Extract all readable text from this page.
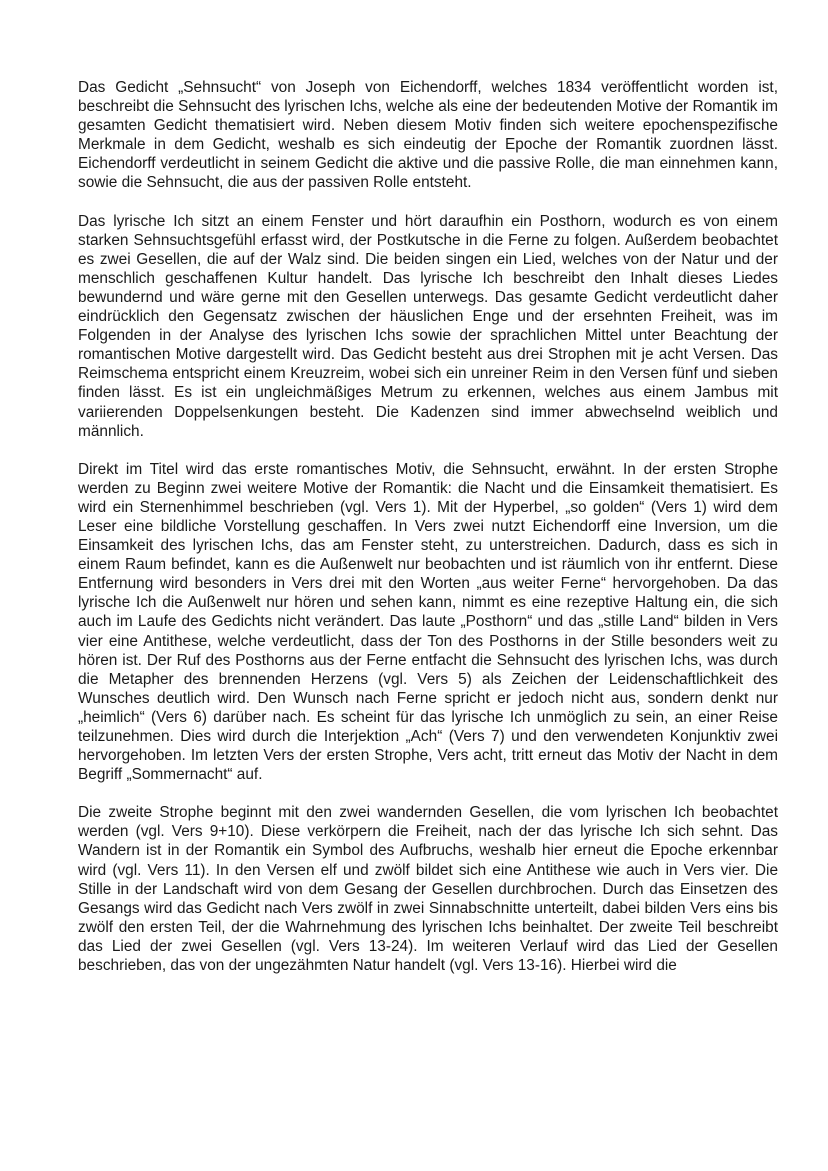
Das Gedicht „Sehnsucht“ von Joseph von Eichendorff, welches 1834 veröffentlicht worden ist, beschreibt die Sehnsucht des lyrischen Ichs, welche als eine der bedeutenden Motive der Romantik im gesamten Gedicht thematisiert wird. Neben diesem Motiv finden sich weitere epochenspezifische Merkmale in dem Gedicht, weshalb es sich eindeutig der Epoche der Romantik zuordnen lässt. Eichendorff verdeutlicht in seinem Gedicht die aktive und die passive Rolle, die man einnehmen kann, sowie die Sehnsucht, die aus der passiven Rolle entsteht.

Das lyrische Ich sitzt an einem Fenster und hört daraufhin ein Posthorn, wodurch es von einem starken Sehnsuchtsgefühl erfasst wird, der Postkutsche in die Ferne zu folgen. Außerdem beobachtet es zwei Gesellen, die auf der Walz sind. Die beiden singen ein Lied, welches von der Natur und der menschlich geschaffenen Kultur handelt. Das lyrische Ich beschreibt den Inhalt dieses Liedes bewundernd und wäre gerne mit den Gesellen unterwegs. Das gesamte Gedicht verdeutlicht daher eindrücklich den Gegensatz zwischen der häuslichen Enge und der ersehnten Freiheit, was im Folgenden in der Analyse des lyrischen Ichs sowie der sprachlichen Mittel unter Beachtung der romantischen Motive dargestellt wird. Das Gedicht besteht aus drei Strophen mit je acht Versen. Das Reimschema entspricht einem Kreuzreim, wobei sich ein unreiner Reim in den Versen fünf und sieben finden lässt. Es ist ein ungleichmäßiges Metrum zu erkennen, welches aus einem Jambus mit variierenden Doppelsenkungen besteht. Die Kadenzen sind immer abwechselnd weiblich und männlich.

Direkt im Titel wird das erste romantisches Motiv, die Sehnsucht, erwähnt. In der ersten Strophe werden zu Beginn zwei weitere Motive der Romantik: die Nacht und die Einsamkeit thematisiert. Es wird ein Sternenhimmel beschrieben (vgl. Vers 1). Mit der Hyperbel, „so golden“ (Vers 1) wird dem Leser eine bildliche Vorstellung geschaffen. In Vers zwei nutzt Eichendorff eine Inversion, um die Einsamkeit des lyrischen Ichs, das am Fenster steht, zu unterstreichen. Dadurch, dass es sich in einem Raum befindet, kann es die Außenwelt nur beobachten und ist räumlich von ihr entfernt. Diese Entfernung wird besonders in Vers drei mit den Worten „aus weiter Ferne“ hervorgehoben. Da das lyrische Ich die Außenwelt nur hören und sehen kann, nimmt es eine rezeptive Haltung ein, die sich auch im Laufe des Gedichts nicht verändert. Das laute „Posthorn“ und das „stille Land“ bilden in Vers vier eine Antithese, welche verdeutlicht, dass der Ton des Posthorns in der Stille besonders weit zu hören ist. Der Ruf des Posthorns aus der Ferne entfacht die Sehnsucht des lyrischen Ichs, was durch die Metapher des brennenden Herzens (vgl. Vers 5) als Zeichen der Leidenschaftlichkeit des Wunsches deutlich wird. Den Wunsch nach Ferne spricht er jedoch nicht aus, sondern denkt nur „heimlich“ (Vers 6) darüber nach. Es scheint für das lyrische Ich unmöglich zu sein, an einer Reise teilzunehmen. Dies wird durch die Interjektion „Ach“ (Vers 7) und den verwendeten Konjunktiv zwei hervorgehoben. Im letzten Vers der ersten Strophe, Vers acht, tritt erneut das Motiv der Nacht in dem Begriff „Sommernacht“ auf.

Die zweite Strophe beginnt mit den zwei wandernden Gesellen, die vom lyrischen Ich beobachtet werden (vgl. Vers 9+10). Diese verkörpern die Freiheit, nach der das lyrische Ich sich sehnt. Das Wandern ist in der Romantik ein Symbol des Aufbruchs, weshalb hier erneut die Epoche erkennbar wird (vgl. Vers 11). In den Versen elf und zwölf bildet sich eine Antithese wie auch in Vers vier. Die Stille in der Landschaft wird von dem Gesang der Gesellen durchbrochen. Durch das Einsetzen des Gesangs wird das Gedicht nach Vers zwölf in zwei Sinnabschnitte unterteilt, dabei bilden Vers eins bis zwölf den ersten Teil, der die Wahrnehmung des lyrischen Ichs beinhaltet. Der zweite Teil beschreibt das Lied der zwei Gesellen (vgl. Vers 13-24). Im weiteren Verlauf wird das Lied der Gesellen beschrieben, das von der ungezähmten Natur handelt (vgl. Vers 13-16). Hierbei wird die
